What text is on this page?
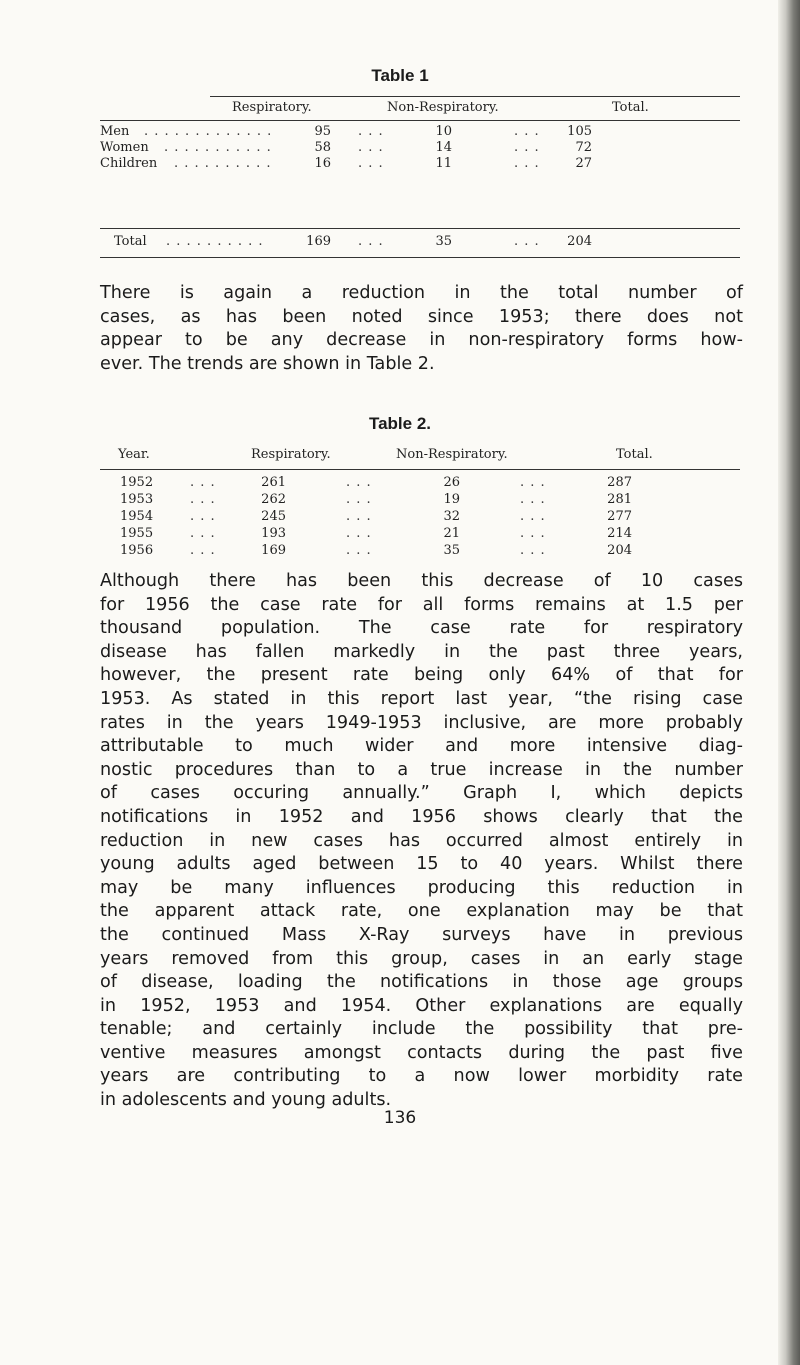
Table 1
Respiratory.	Non-Respiratory.	Total.
Men . . . . . . . . . . . . .	95 . . .	10	. . .	105
Women . . . . . . . . . . .	58 . . .	14	. . .	72
Children . . . . . . . . . .	16 . . .	11	. . .	27
Total . . . . . . . . . .	169 . . .	35	. . .	204
There is again a reduction in the total number of
cases, as has been noted since 1953; there does not
appear to be any decrease in non-respiratory forms how-
ever. The trends are shown in Table 2.
Table 2.
Year.	Respiratory.	Non-Respiratory.	Total.
1952	. . .	261	. . .	26	. . .	287
1953	. . .	262	. . .	19	. . .	281
1954	. . .	245	. . .	32	. . .	277
1955	. . .	193	. . .	21	. . .	214
1956	. . .	169	. . .	35	. . .	204
Although there has been this decrease of 10 cases
for 1956 the case rate for all forms remains at 1.5 per
thousand population. The case rate for respiratory
disease has fallen markedly in the past three years,
however, the present rate being only 64% of that for
1953. As stated in this report last year, “the rising case
rates in the years 1949-1953 inclusive, are more probably
attributable to much wider and more intensive diag-
nostic procedures than to a true increase in the number
of cases occuring annually.” Graph I, which depicts
notifications in 1952 and 1956 shows clearly that the
reduction in new cases has occurred almost entirely in
young adults aged between 15 to 40 years. Whilst there
may be many influences producing this reduction in
the apparent attack rate, one explanation may be that
the continued Mass X-Ray surveys have in previous
years removed from this group, cases in an early stage
of disease, loading the notifications in those age groups
in 1952, 1953 and 1954. Other explanations are equally
tenable; and certainly include the possibility that pre-
ventive measures amongst contacts during the past five
years are contributing to a now lower morbidity rate
in adolescents and young adults.
136
